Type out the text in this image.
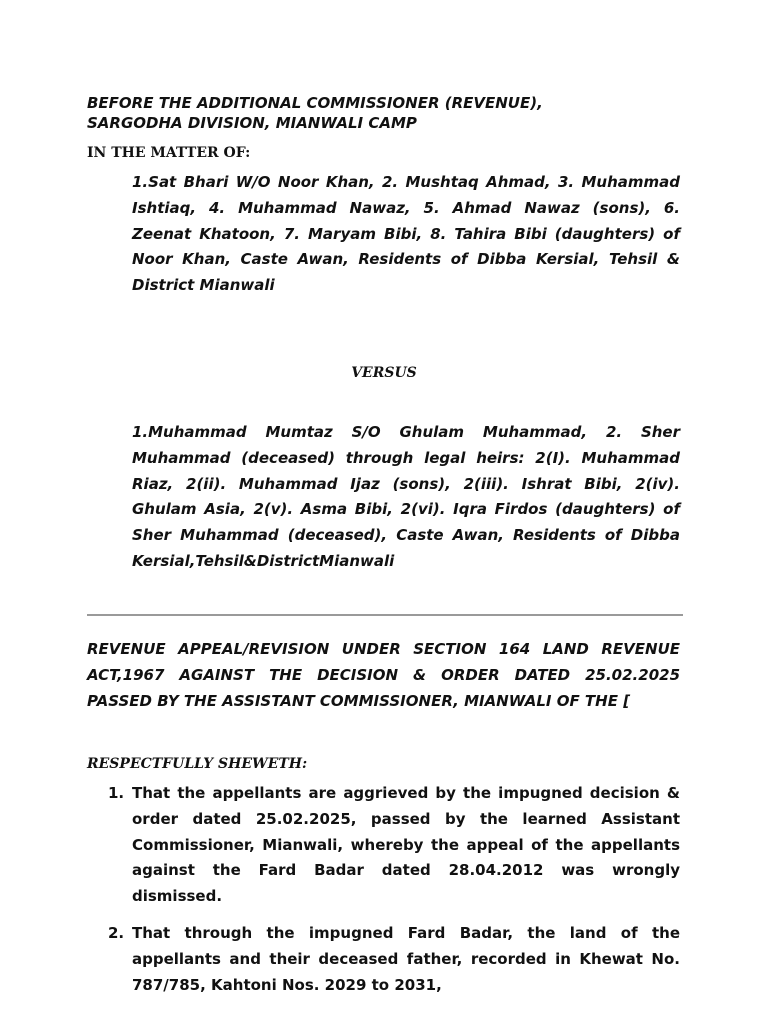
BEFORE THE ADDITIONAL COMMISSIONER (REVENUE),
SARGODHA DIVISION, MIANWALI CAMP
IN THE MATTER OF:

1.Sat Bhari W/O Noor Khan, 2. Mushtaq Ahmad, 3. Muhammad Ishtiaq, 4. Muhammad Nawaz, 5. Ahmad Nawaz (sons), 6. Zeenat Khatoon, 7. Maryam Bibi, 8. Tahira Bibi (daughters) of Noor Khan, Caste Awan, Residents of Dibba Kersial, Tehsil & District Mianwali

VERSUS

1.Muhammad Mumtaz S/O Ghulam Muhammad, 2. Sher Muhammad (deceased) through legal heirs: 2(I). Muhammad Riaz, 2(ii). Muhammad Ijaz (sons), 2(iii). Ishrat Bibi, 2(iv). Ghulam Asia, 2(v). Asma Bibi, 2(vi). Iqra Firdos (daughters) of Sher Muhammad (deceased), Caste Awan, Residents of Dibba Kersial,Tehsil&DistrictMianwali

REVENUE APPEAL/REVISION UNDER SECTION 164 LAND REVENUE ACT,1967 AGAINST THE DECISION & ORDER DATED 25.02.2025 PASSED BY THE ASSISTANT COMMISSIONER, MIANWALI OF THE [

RESPECTFULLY SHEWETH:
1. That the appellants are aggrieved by the impugned decision & order dated 25.02.2025, passed by the learned Assistant Commissioner, Mianwali, whereby the appeal of the appellants against the Fard Badar dated 28.04.2012 was wrongly dismissed.
2. That through the impugned Fard Badar, the land of the appellants and their deceased father, recorded in Khewat No. 787/785, Kahtoni Nos. 2029 to 2031,
